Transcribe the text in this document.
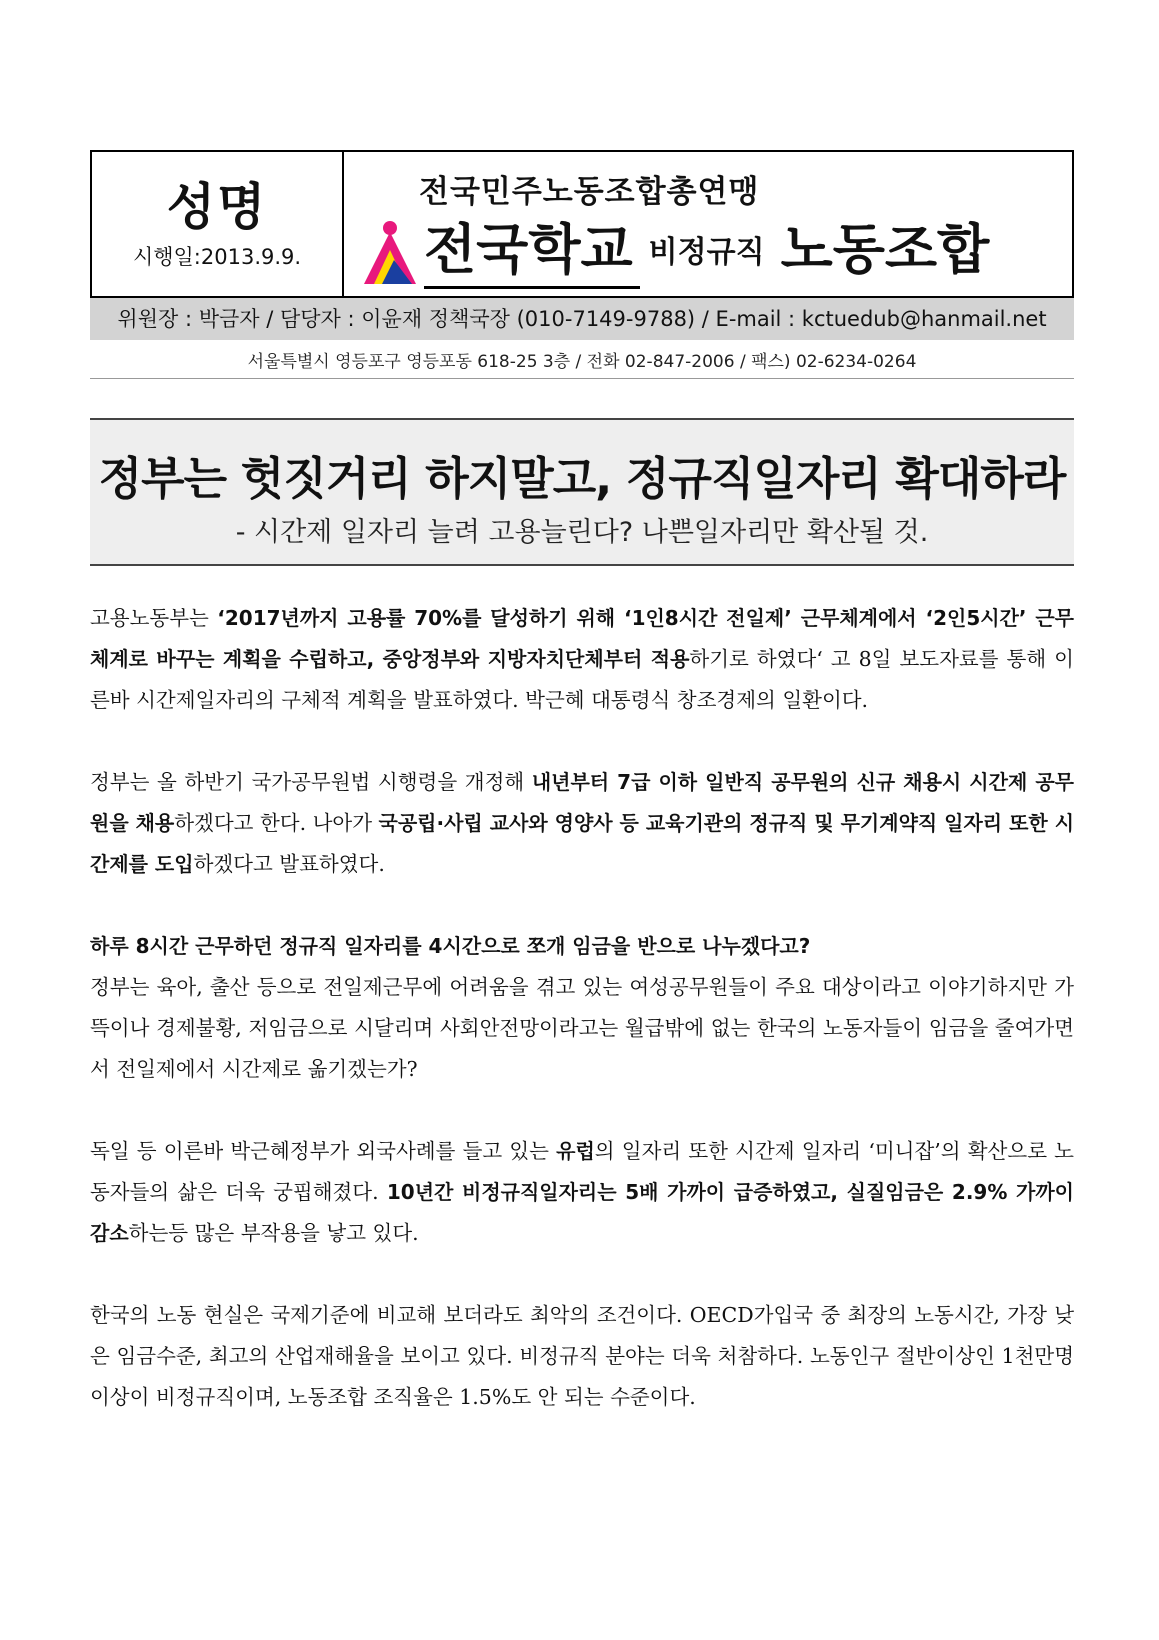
성명
시행일:2013.9.9.
전국민주노동조합총연맹
전국학교 비정규직 노동조합
위원장 : 박금자 / 담당자 : 이윤재 정책국장 (010-7149-9788) / E-mail : kctuedub@hanmail.net
서울특별시 영등포구 영등포동 618-25 3층 / 전화 02-847-2006 / 팩스) 02-6234-0264
정부는 헛짓거리 하지말고, 정규직일자리 확대하라
- 시간제 일자리 늘려 고용늘린다? 나쁜일자리만 확산될 것.

고용노동부는 ‘2017년까지 고용률 70%를 달성하기 위해 ‘1인8시간 전일제’ 근무체계에서 ‘2인5시간’ 근무체계로 바꾸는 계획을 수립하고, 중앙정부와 지방자치단체부터 적용하기로 하였다‘ 고 8일 보도자료를 통해 이른바 시간제일자리의 구체적 계획을 발표하였다. 박근혜 대통령식 창조경제의 일환이다.

정부는 올 하반기 국가공무원법 시행령을 개정해 내년부터 7급 이하 일반직 공무원의 신규 채용시 시간제 공무원을 채용하겠다고 한다. 나아가 국공립·사립 교사와 영양사 등 교육기관의 정규직 및 무기계약직 일자리 또한 시간제를 도입하겠다고 발표하였다.

하루 8시간 근무하던 정규직 일자리를 4시간으로 쪼개 임금을 반으로 나누겠다고?

정부는 육아, 출산 등으로 전일제근무에 어려움을 겪고 있는 여성공무원들이 주요 대상이라고 이야기하지만 가뜩이나 경제불황, 저임금으로 시달리며 사회안전망이라고는 월급밖에 없는 한국의 노동자들이 임금을 줄여가면서 전일제에서 시간제로 옮기겠는가?

독일 등 이른바 박근혜정부가 외국사례를 들고 있는 유럽의 일자리 또한 시간제 일자리 ‘미니잡’의 확산으로 노동자들의 삶은 더욱 궁핍해졌다. 10년간 비정규직일자리는 5배 가까이 급증하였고, 실질임금은 2.9% 가까이 감소하는등 많은 부작용을 낳고 있다.

한국의 노동 현실은 국제기준에 비교해 보더라도 최악의 조건이다. OECD가입국 중 최장의 노동시간, 가장 낮은 임금수준, 최고의 산업재해율을 보이고 있다. 비정규직 분야는 더욱 처참하다. 노동인구 절반이상인 1천만명 이상이 비정규직이며, 노동조합 조직율은 1.5%도 안 되는 수준이다.
